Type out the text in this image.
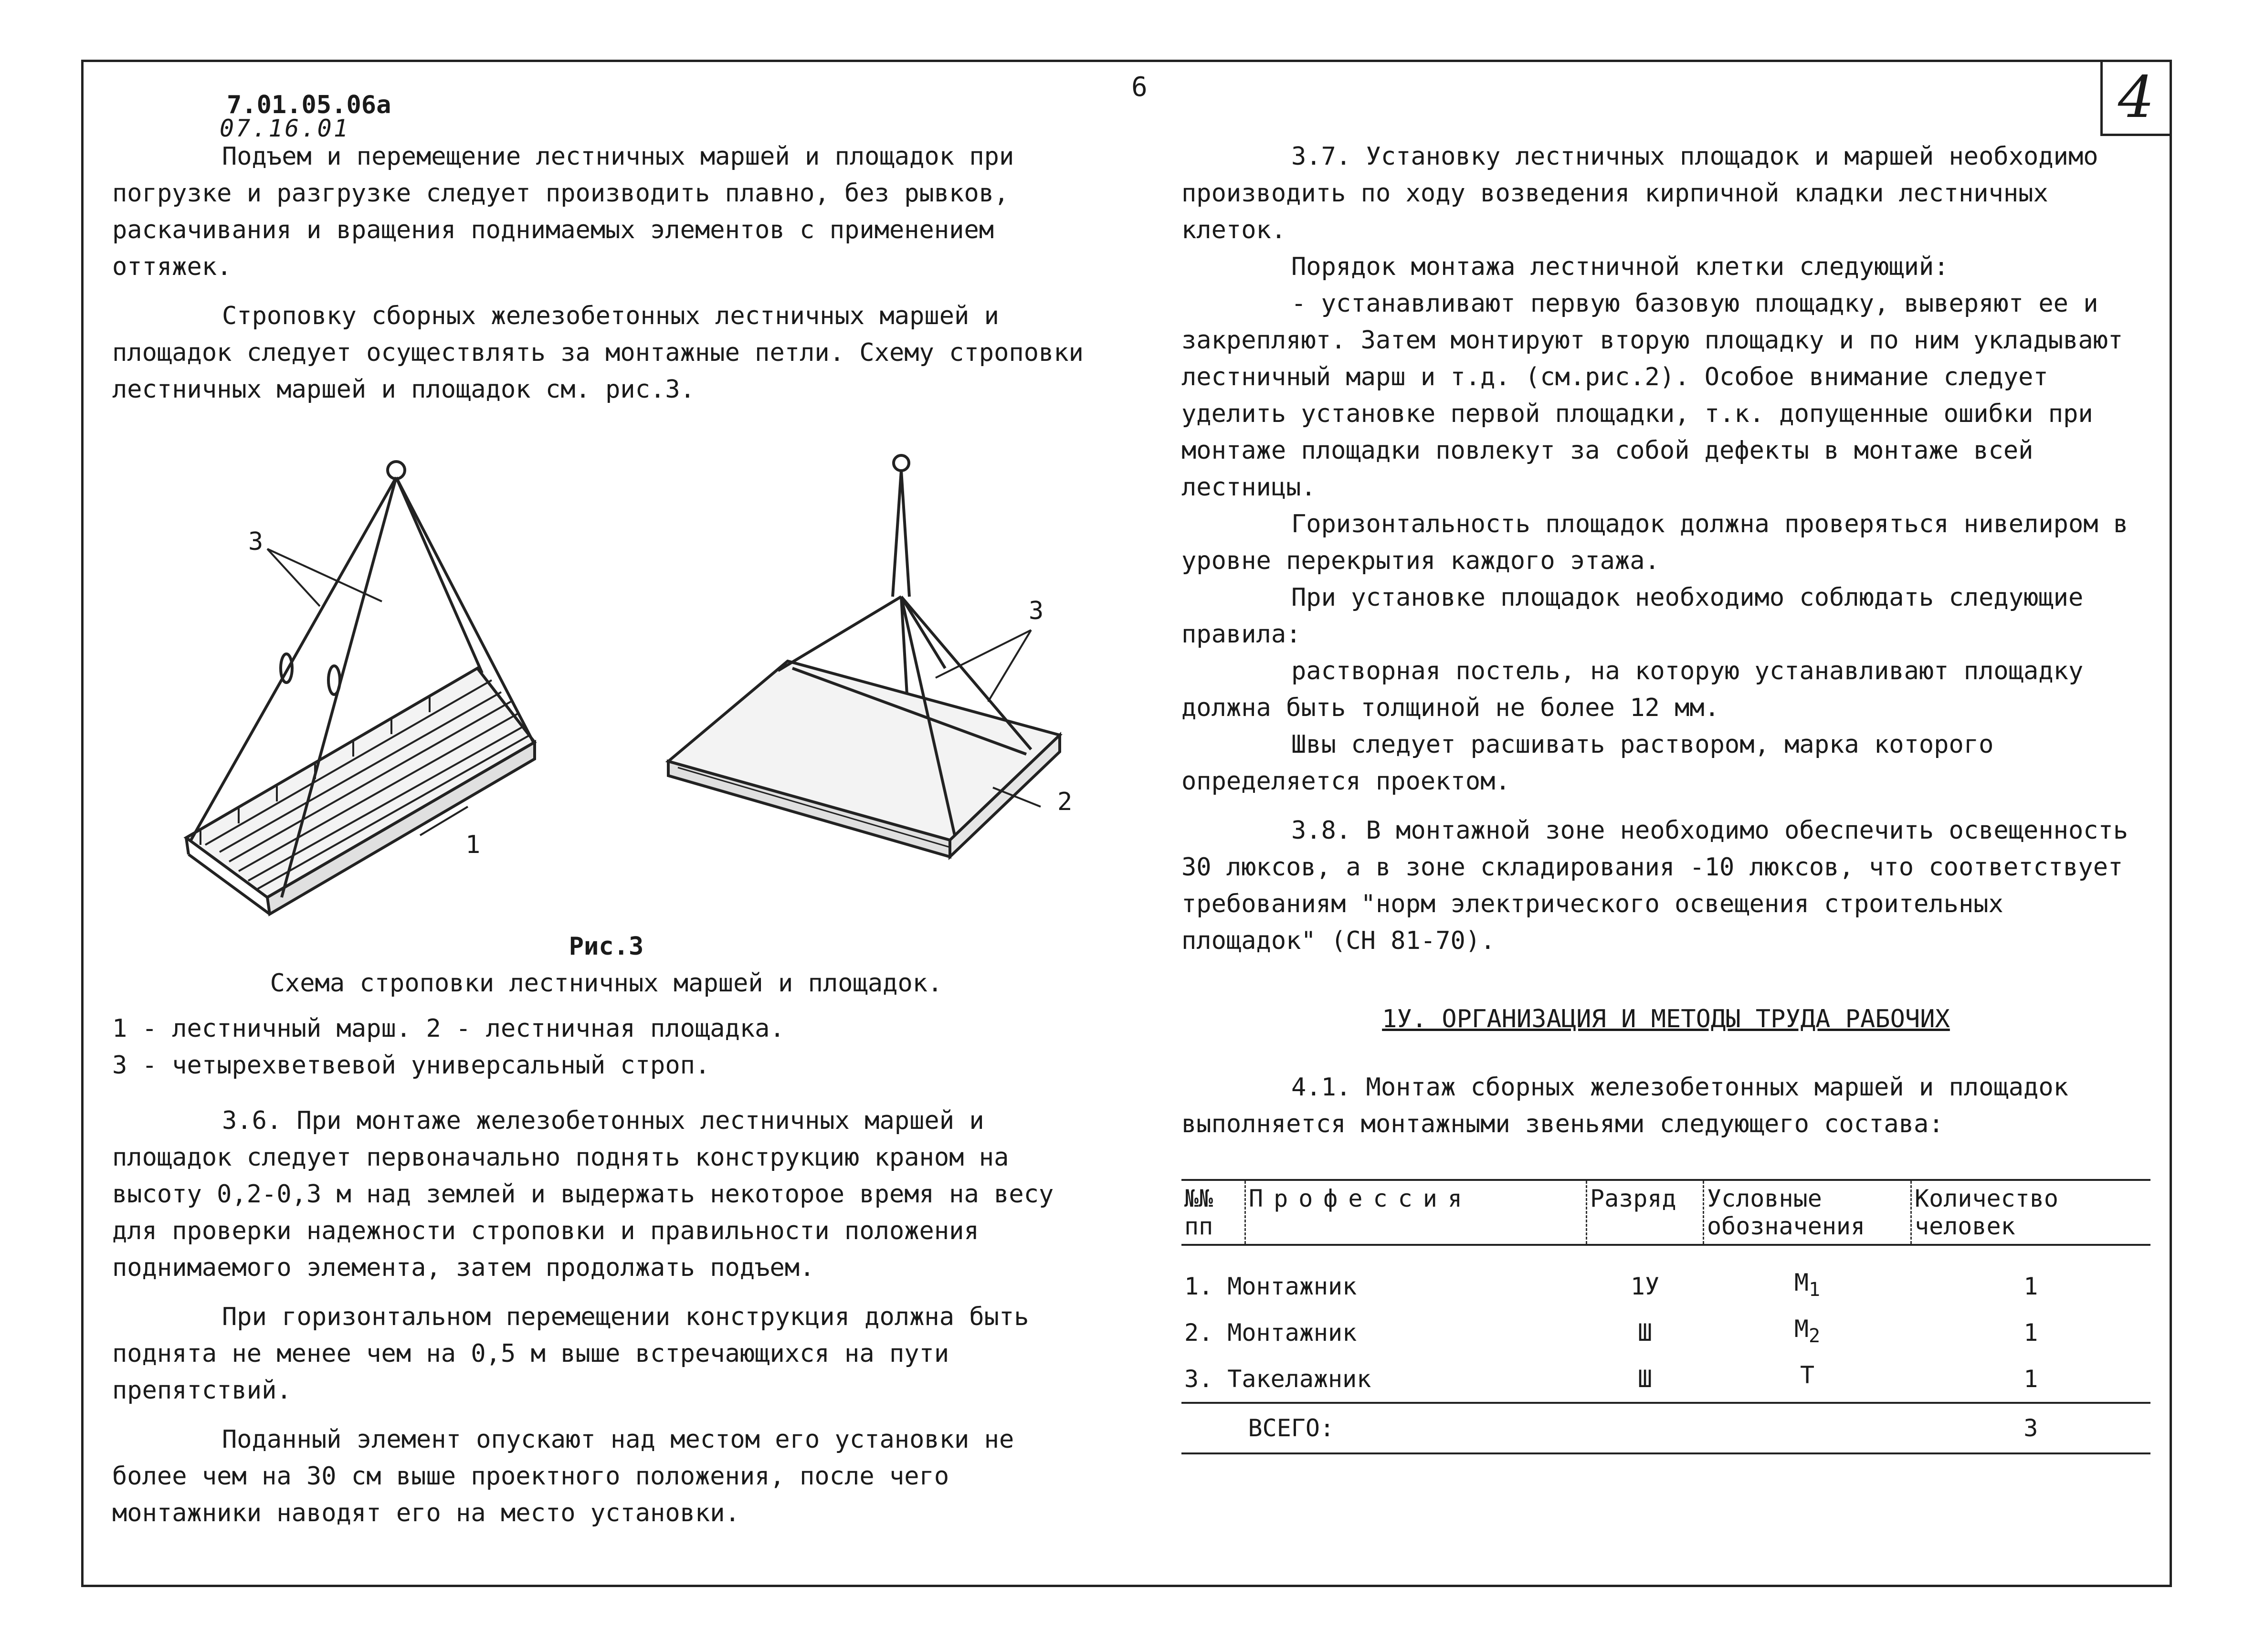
6	4
7.01.05.06a
07.16.01

Подъем и перемещение лестничных маршей и площадок при погрузке и разгрузке следует производить плавно, без рывков, раскачивания и вращения поднимаемых элементов с применением оттяжек.

Строповку сборных железобетонных лестничных маршей и площадок следует осуществлять за монтажные петли. Схему строповки лестничных маршей и площадок см. рис.3.

3
3
1
2
Рис.3
Схема строповки лестничных маршей и площадок.
1 - лестничный марш. 2 - лестничная площадка.
3 - четырехветвевой универсальный строп.

3.6. При монтаже железобетонных лестничных маршей и площадок следует первоначально поднять конструкцию краном на высоту 0,2-0,3 м над землей и выдержать некоторое время на весу для проверки надежности строповки и правильности положения поднимаемого элемента, затем продолжать подъем.

При горизонтальном перемещении конструкция должна быть поднята не менее чем на 0,5 м выше встречающихся на пути препятствий.

Поданный элемент опускают над местом его установки не более чем на 30 см выше проектного положения, после чего монтажники наводят его на место установки.

3.7. Установку лестничных площадок и маршей необходимо производить по ходу возведения кирпичной кладки лестничных клеток.

Порядок монтажа лестничной клетки следующий:

- устанавливают первую базовую площадку, выверяют ее и закрепляют. Затем монтируют вторую площадку и по ним укладывают лестничный марш и т.д. (см.рис.2). Особое внимание следует уделить установке первой площадки, т.к. допущенные ошибки при монтаже площадки повлекут за собой дефекты в монтаже всей лестницы.

Горизонтальность площадок должна проверяться нивелиром в уровне перекрытия каждого этажа.

При установке площадок необходимо соблюдать следующие правила:

растворная постель, на которую устанавливают площадку должна быть толщиной не более 12 мм.

Швы следует расшивать раствором, марка которого определяется проектом.

3.8. В монтажной зоне необходимо обеспечить освещенность 30 люксов, а в зоне складирования -10 люксов, что соответствует требованиям "норм электрического освещения строительных площадок" (СН 81-70).

1У. ОРГАНИЗАЦИЯ И МЕТОДЫ ТРУДА РАБОЧИХ

4.1. Монтаж сборных железобетонных маршей и площадок выполняется монтажными звеньями следующего состава:

№№ пп	Профессия	Разряд	Условные обозначения	Количество человек
1. Монтажник		1У	$М_1$	1
2. Монтажник		Ш	$М_2$	1
3. Такелажник		Ш	Т	1
	ВСЕГО:			3
